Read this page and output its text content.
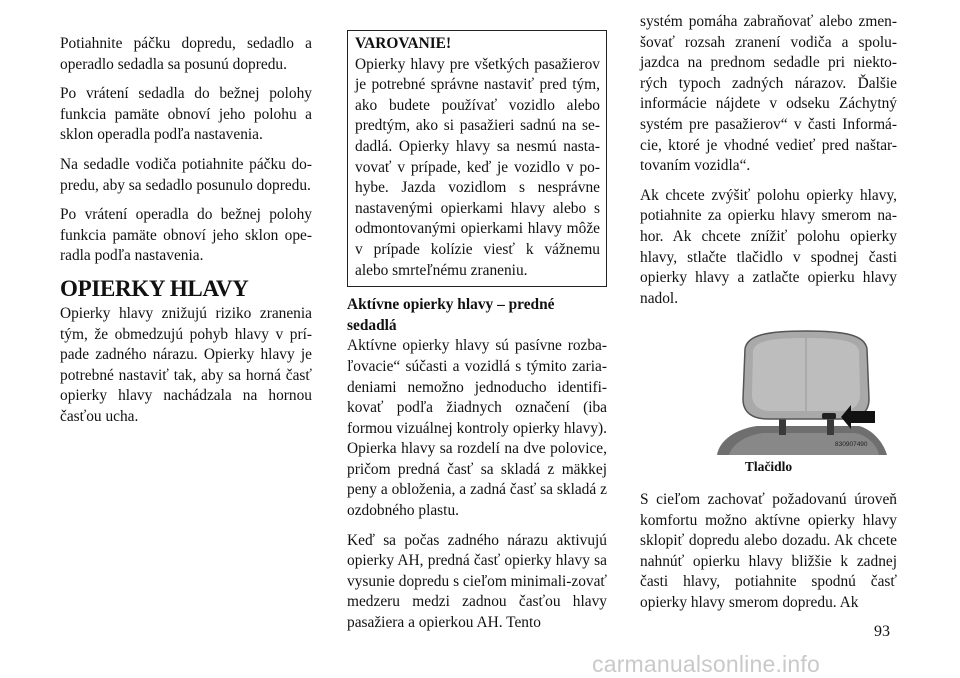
Potiahnite páčku dopredu, sedadlo a operadlo sedadla sa posunú dopredu.

Po vrátení sedadla do bežnej polohy funkcia pamäte obnoví jeho polohu a sklon operadla podľa nastavenia.

Na sedadle vodiča potiahnite páčku do-predu, aby sa sedadlo posunulo dopredu.

Po vrátení operadla do bežnej polohy funkcia pamäte obnoví jeho sklon ope-radla podľa nastavenia.

OPIERKY HLAVY

Opierky hlavy znižujú riziko zranenia tým, že obmedzujú pohyb hlavy v prí-pade zadného nárazu. Opierky hlavy je potrebné nastaviť tak, aby sa horná časť opierky hlavy nachádzala na hornou časťou ucha.

VAROVANIE!
Opierky hlavy pre všetkých pasažierov je potrebné správne nastaviť pred tým, ako budete používať vozidlo alebo predtým, ako si pasažieri sadnú na se-dadlá. Opierky hlavy sa nesmú nasta-vovať v prípade, keď je vozidlo v po-hybe. Jazda vozidlom s nesprávne nastavenými opierkami hlavy alebo s odmontovanými opierkami hlavy môže v prípade kolízie viesť k vážnemu alebo smrteľnému zraneniu.
Aktívne opierky hlavy – predné sedadlá

Aktívne opierky hlavy sú pasívne rozba-ľovacie“ súčasti a vozidlá s týmito zaria-deniami nemožno jednoducho identifi-kovať podľa žiadnych označení (iba formou vizuálnej kontroly opierky hlavy). Opierka hlavy sa rozdelí na dve polovice, pričom predná časť sa skladá z mäkkej peny a obloženia, a zadná časť sa skladá z ozdobného plastu.

Keď sa počas zadného nárazu aktivujú opierky AH, predná časť opierky hlavy sa vysunie dopredu s cieľom minimali-zovať medzeru medzi zadnou časťou hlavy pasažiera a opierkou AH. Tento

systém pomáha zabraňovať alebo zmen-šovať rozsah zranení vodiča a spolu-jazdca na prednom sedadle pri niekto-rých typoch zadných nárazov. Ďalšie informácie nájdete v odseku Záchytný systém pre pasažierov“ v časti Informá-cie, ktoré je vhodné vedieť pred naštar-tovaním vozidla“.

Ak chcete zvýšiť polohu opierky hlavy, potiahnite za opierku hlavy smerom na-hor. Ak chcete znížiť polohu opierky hlavy, stlačte tlačidlo v spodnej časti opierky hlavy a zatlačte opierku hlavy nadol.

830907490
Tlačidlo

S cieľom zachovať požadovanú úroveň komfortu možno aktívne opierky hlavy sklopiť dopredu alebo dozadu. Ak chcete nahnúť opierku hlavy bližšie k zadnej časti hlavy, potiahnite spodnú časť opierky hlavy smerom dopredu. Ak

93
carmanualsonline.info
